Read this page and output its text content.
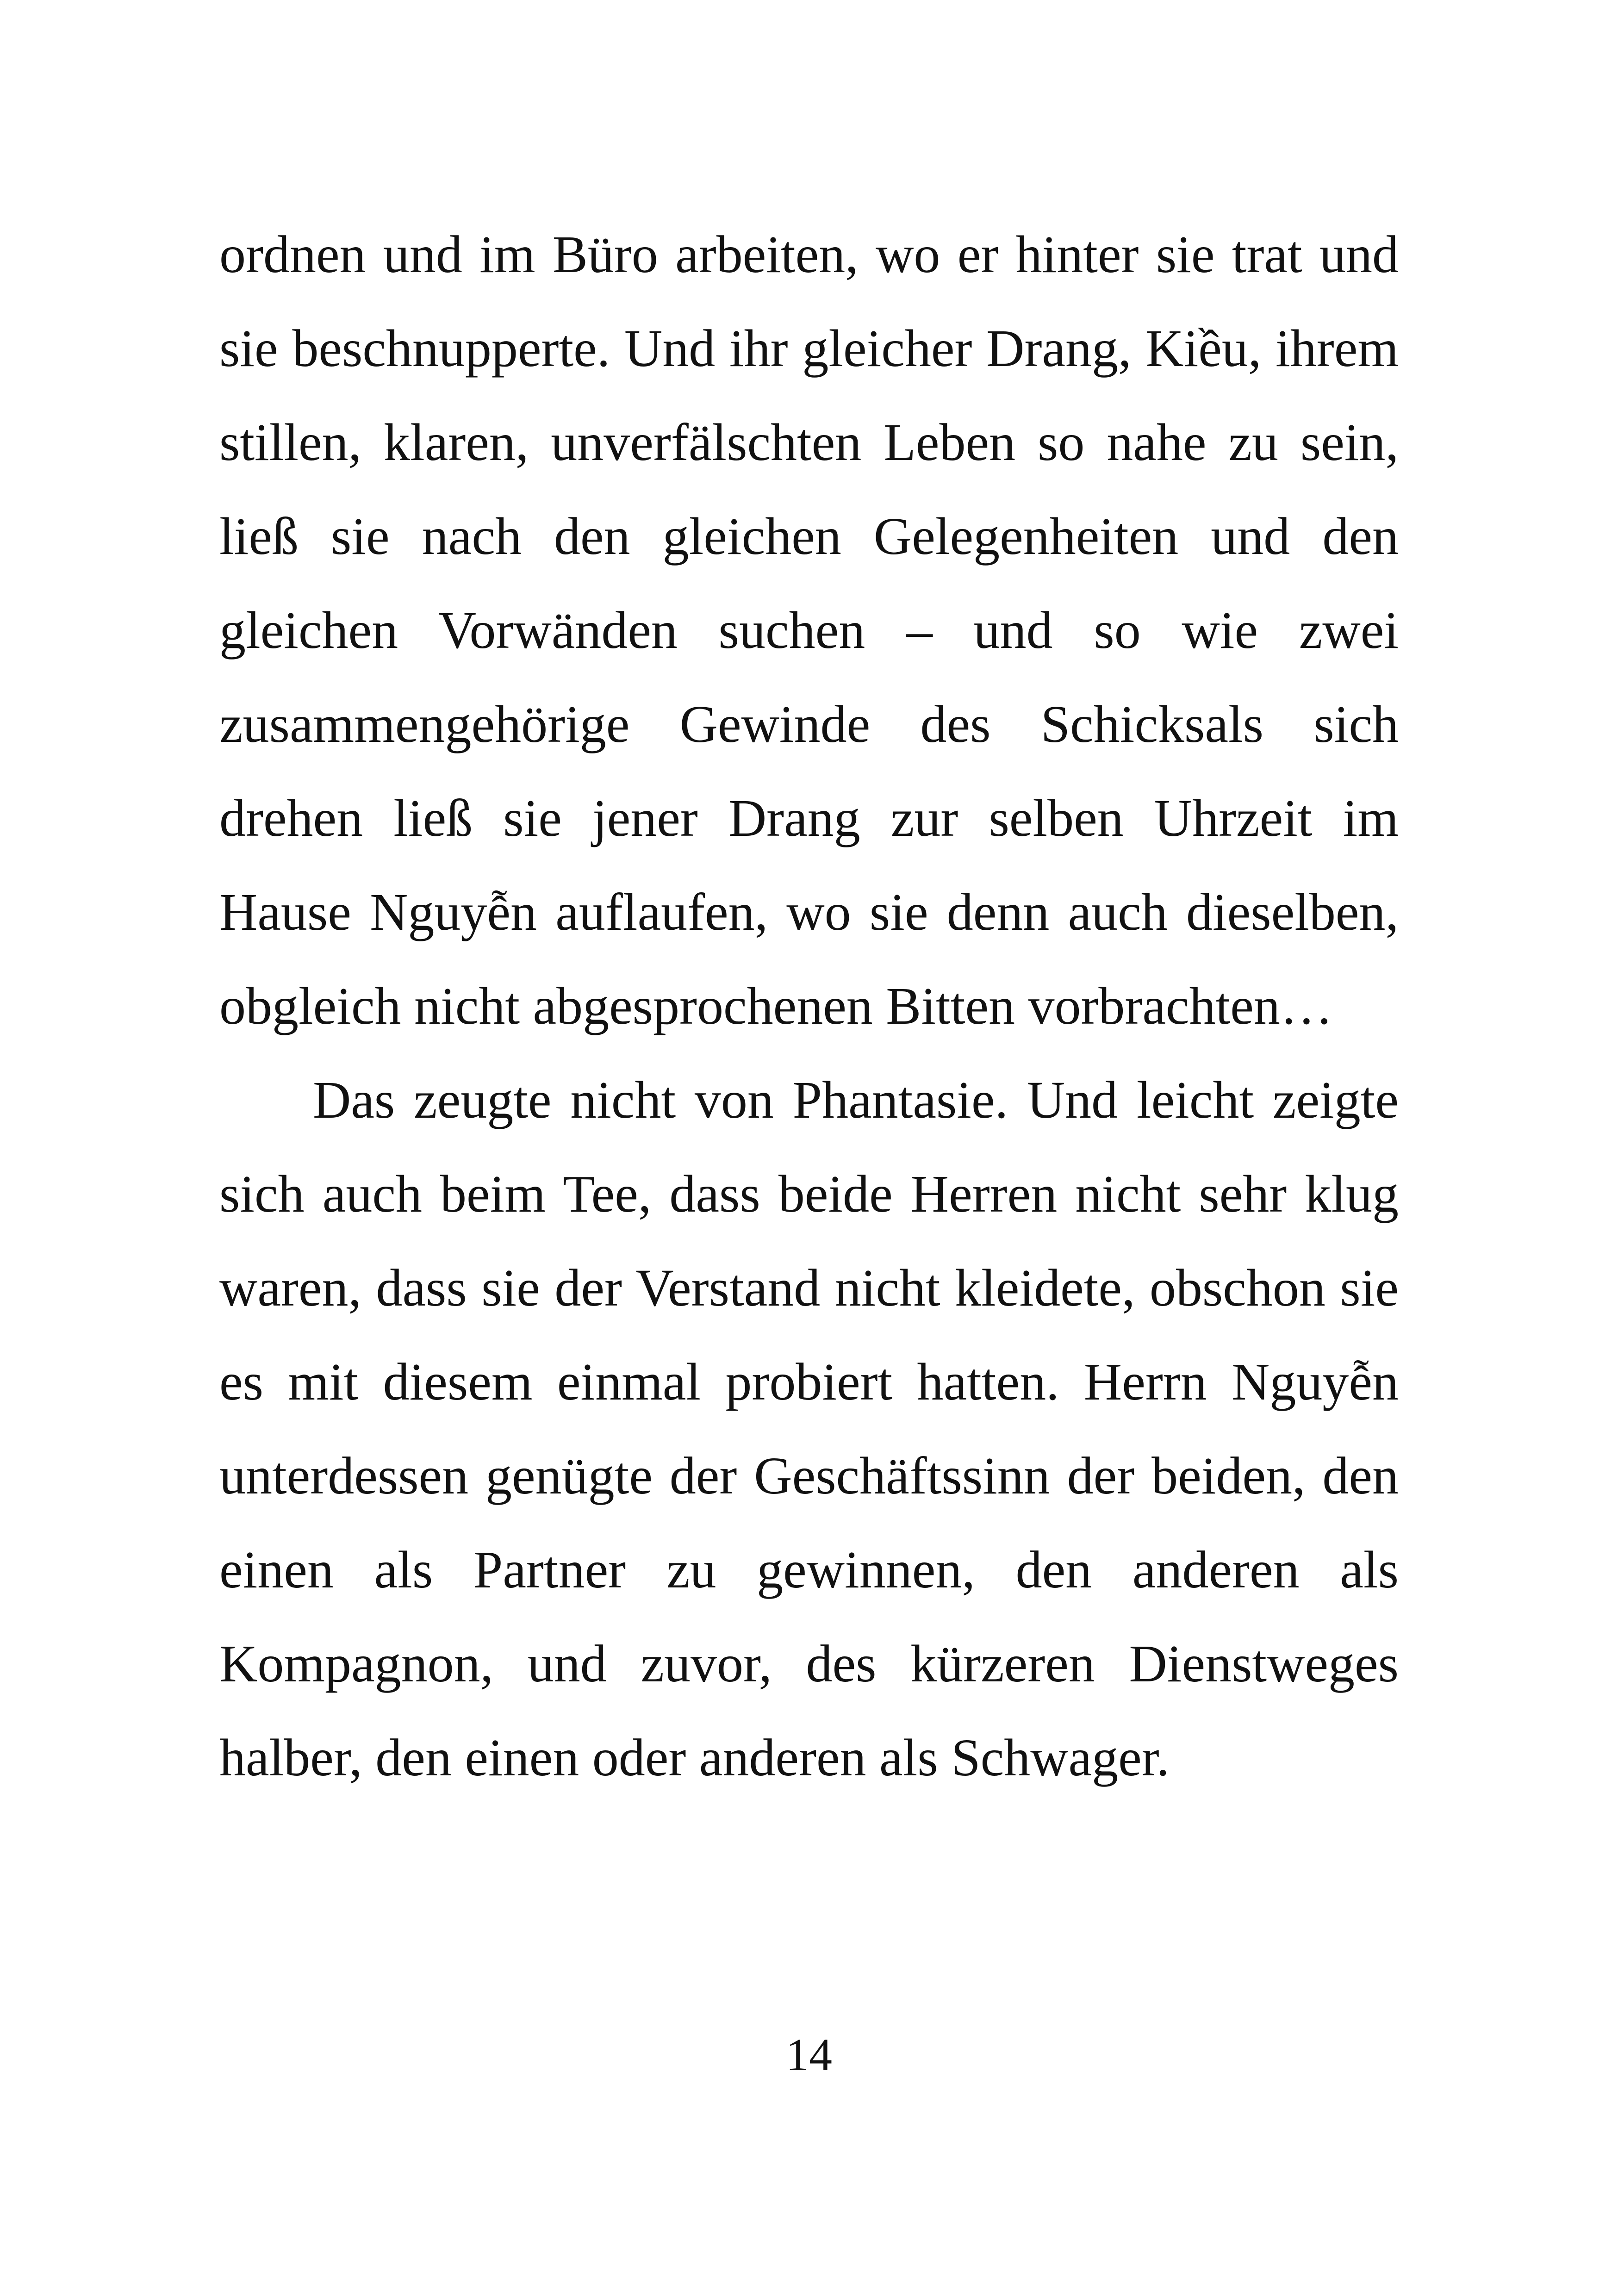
ordnen und im Büro arbeiten, wo er hinter sie trat und sie beschnupperte. Und ihr gleicher Drang, Kiều, ihrem stillen, klaren, unverfälschten Leben so nahe zu sein, ließ sie nach den gleichen Gelegenheiten und den gleichen Vorwänden suchen – und so wie zwei zusammengehörige Gewinde des Schicksals sich drehen ließ sie jener Drang zur selben Uhrzeit im Hause Nguyễn auflaufen, wo sie denn auch dieselben, obgleich nicht abgesprochenen Bitten vorbrachten…

Das zeugte nicht von Phantasie. Und leicht zeigte sich auch beim Tee, dass beide Herren nicht sehr klug waren, dass sie der Verstand nicht kleidete, obschon sie es mit diesem einmal probiert hatten. Herrn Nguyễn unterdessen genügte der Geschäftssinn der beiden, den einen als Partner zu gewinnen, den anderen als Kompagnon, und zuvor, des kürzeren Dienstweges halber, den einen oder anderen als Schwager.

14
